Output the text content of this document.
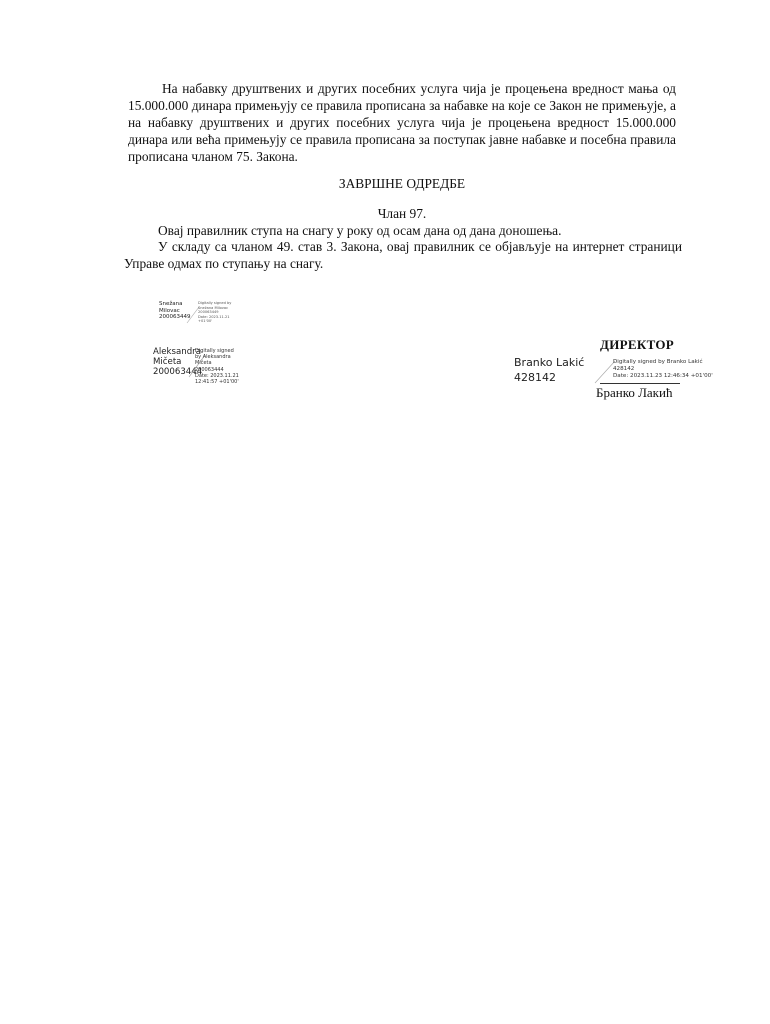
На набавку друштвених и других посебних услуга чија је процењена вредност мања од 15.000.000 динара примењују се правила прописана за набавке на које се Закон не примењује, а на набавку друштвених и других посебних услуга чија је процењена вредност 15.000.000 динара или већа примењују се правила прописана за поступак јавне набавке и посебна правила прописана чланом 75. Закона.
ЗАВРШНЕ ОДРЕДБЕ
Члан 97.
Овај правилник ступа на снагу у року од осам дана од дана доношења.
У складу са чланом 49. став 3. Закона, овај правилник се објављује на интернет страници Управе одмах по ступању на снагу.
Snežana
Milovac
200063449
Digitally signed by
Snežana Milovac
200063449
Date: 2023.11.21
+01'00'
Aleksandra
Mičeta
200063444
Digitally signed
by Aleksandra
Mičeta 200063444
Date: 2023.11.21
12:41:57 +01'00'
ДИРЕКТОР
Branko Lakić
428142
Digitally signed by Branko Lakić
428142
Date: 2023.11.23 12:46:34 +01'00'
Бранко Лакић
